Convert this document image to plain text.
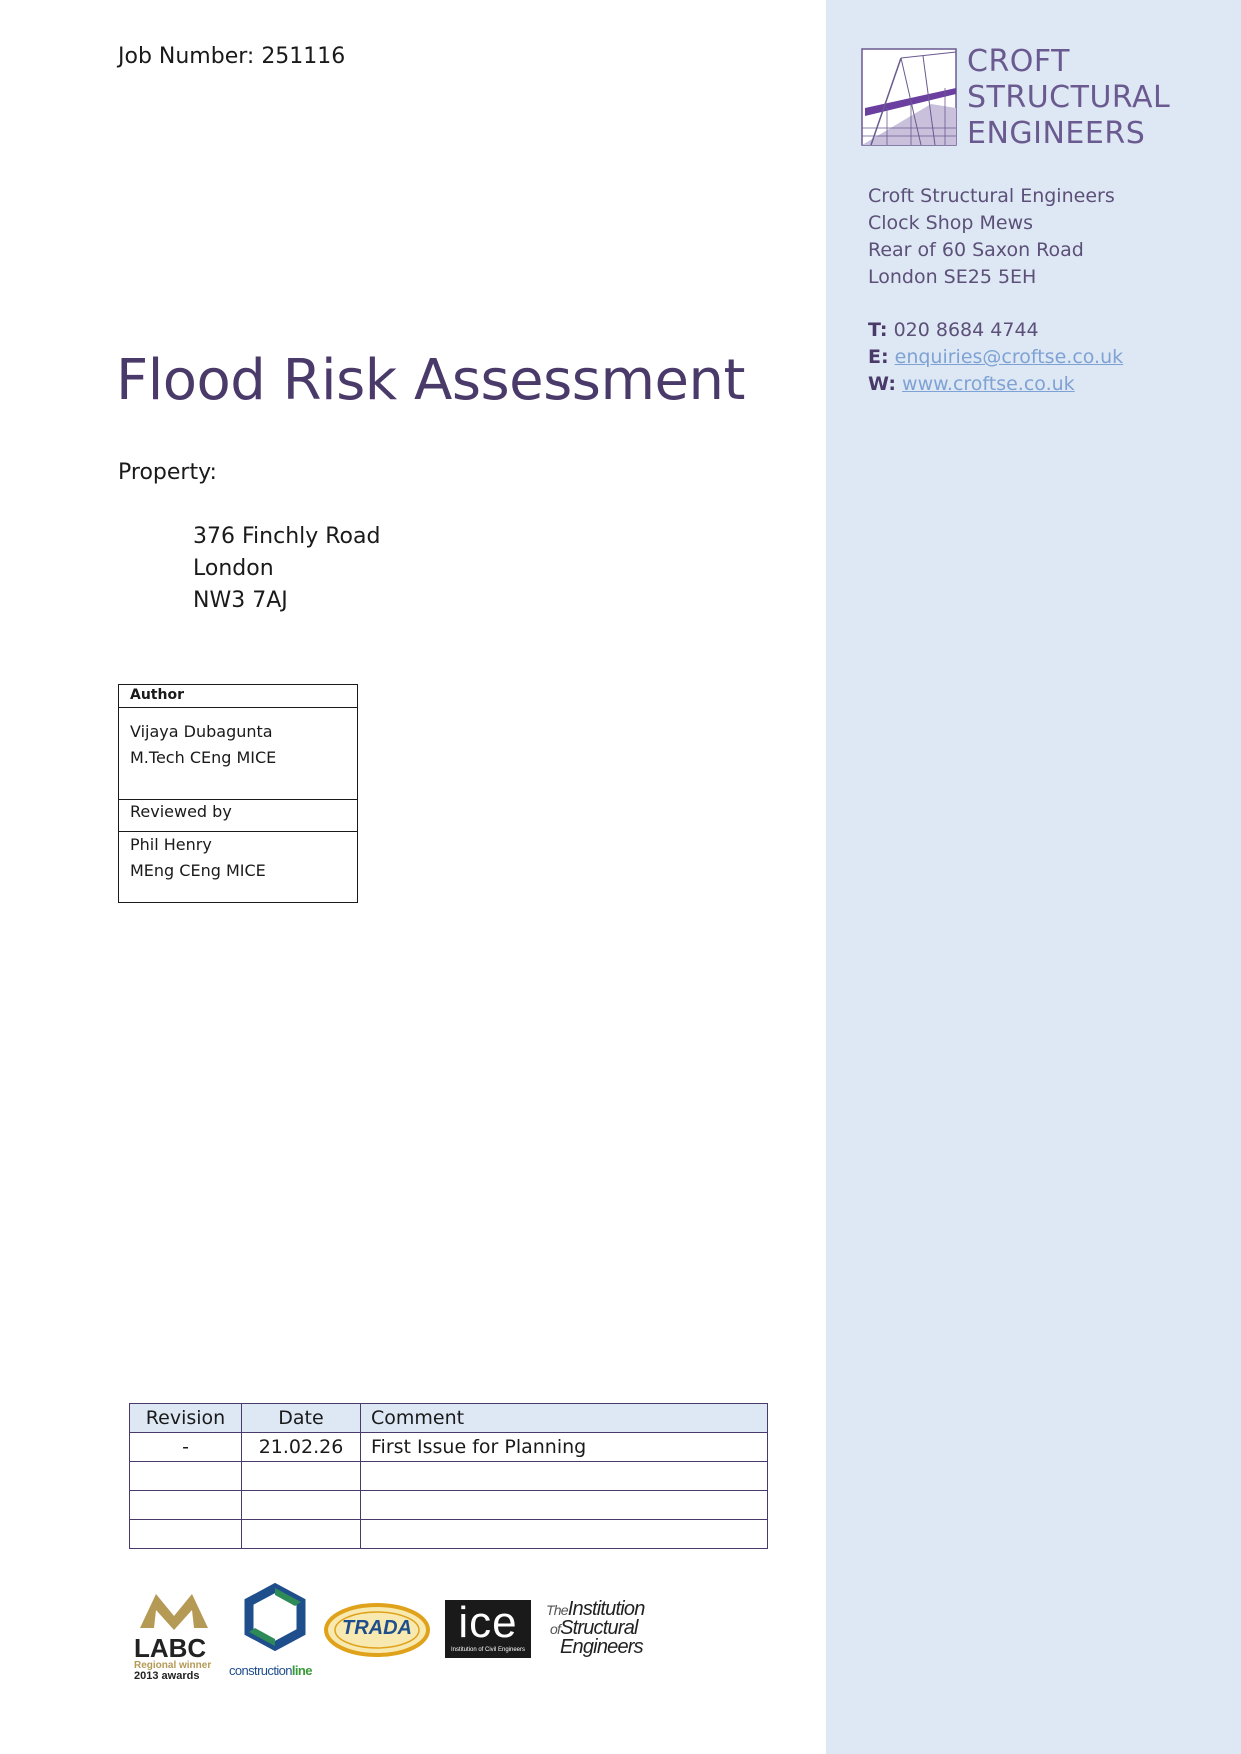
Job Number: 251116
Flood Risk Assessment
Property:
376 Finchly Road
London
NW3 7AJ
Author
Vijaya Dubagunta
M.Tech CEng MICE
Reviewed by
Phil Henry
MEng CEng MICE
Revision	Date	Comment
-	21.02.26	First Issue for Planning

LABC
Regional winner
2013 awards	constructionline
TRADA	ice
Institution of Civil Engineers
TheInstitution
ofStructural
Engineers
CROFT
STRUCTURAL
ENGINEERS
Croft Structural Engineers
Clock Shop Mews
Rear of 60 Saxon Road
London SE25 5EH
T: 020 8684 4744
E: enquiries@croftse.co.uk
W: www.croftse.co.uk
